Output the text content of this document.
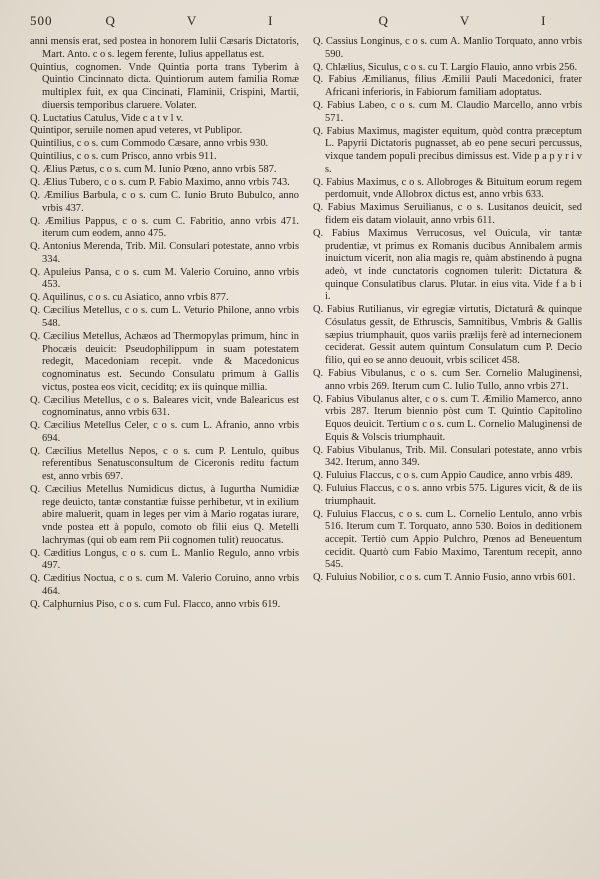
500	Q	V	I	Q	V	I

anni mensis erat, sed postea in honorem Iulii Cæsaris Dictatoris, Mart. Anto. c o s. legem ferente, Iulius appellatus est.

Quintius, cognomen. Vnde Quintia porta trans Tyberim à Quintio Cincinnato dicta. Quintiorum autem familia Romæ multiplex fuit, ex qua Cincinati, Flaminii, Crispini, Martii, diuersis temporibus claruere. Volater.

Q. Luctatius Catulus, Vide c a t v l v.

Quintipor, seruile nomen apud veteres, vt Publipor.

Quintilius, c o s. cum Commodo Cæsare, anno vrbis 930.

Quintilius, c o s. cum Prisco, anno vrbis 911.

Q. Ælius Pætus, c o s. cum M. Iunio Pœno, anno vrbis 587.

Q. Ælius Tubero, c o s. cum P. Fabio Maximo, anno vrbis 743.

Q. Æmilius Barbula, c o s. cum C. Iunio Bruto Bubulco, anno vrbis 437.

Q. Æmilius Pappus, c o s. cum C. Fabritio, anno vrbis 471. iterum cum eodem, anno 475.

Q. Antonius Merenda, Trib. Mil. Consulari potestate, anno vrbis 334.

Q. Apuleius Pansa, c o s. cum M. Valerio Coruino, anno vrbis 453.

Q. Aquilinus, c o s. cu Asiatico, anno vrbis 877.

Q. Cæcilius Metellus, c o s. cum L. Veturio Philone, anno vrbis 548.

Q. Cæcilius Metellus, Achæos ad Thermopylas primum, hinc in Phocæis deuicit: Pseudophilippum in suam potestatem redegit, Macedoniam recepit. vnde & Macedonicus cognominatus est. Secundo Consulatu primum à Gallis victus, postea eos vicit, ceciditq; ex iis quinque millia.

Q. Cæcilius Metellus, c o s. Baleares vicit, vnde Balearicus est cognominatus, anno vrbis 631.

Q. Cæcilius Metellus Celer, c o s. cum L. Afranio, anno vrbis 694.

Q. Cæcilius Metellus Nepos, c o s. cum P. Lentulo, quibus referentibus Senatusconsultum de Ciceronis reditu factum est, anno vrbis 697.

Q. Cæcilius Metellus Numidicus dictus, à Iugurtha Numidiæ rege deuicto, tantæ constantiæ fuisse perhibetur, vt in exilium abire maluerit, quam in leges per vim à Mario rogatas iurare, vnde postea ett à populo, comoto ob filii eius Q. Metelli lachrymas (qui ob eam rem Pii cognomen tulit) reuocatus.

Q. Cæditius Longus, c o s. cum L. Manlio Regulo, anno vrbis 497.

Q. Cæditius Noctua, c o s. cum M. Valerio Coruino, anno vrbis 464.

Q. Calphurnius Piso, c o s. cum Ful. Flacco, anno vrbis 619.

Q. Cassius Longinus, c o s. cum A. Manlio Torquato, anno vrbis 590.

Q. Chlælius, Siculus, c o s. cu T. Largio Flauio, anno vrbis 256.

Q. Fabius Æmilianus, filius Æmilii Pauli Macedonici, frater Africani inferioris, in Fabiorum familiam adoptatus.

Q. Fabius Labeo, c o s. cum M. Claudio Marcello, anno vrbis 571.

Q. Fabius Maximus, magister equitum, quòd contra præceptum L. Papyrii Dictatoris pugnasset, ab eo pene securi percussus, vixque tandem populi precibus dimissus est. Vide p a p y r i v s.

Q. Fabius Maximus, c o s. Allobroges & Bituitum eorum regem perdomuit, vnde Allobrox dictus est, anno vrbis 633.

Q. Fabius Maximus Seruilianus, c o s. Lusitanos deuicit, sed fidem eis datam violauit, anno vrbis 611.

Q. Fabius Maximus Verrucosus, vel Ouicula, vir tantæ prudentiæ, vt primus ex Romanis ducibus Annibalem armis inuictum vicerit, non alia magis re, quàm abstinendo à pugna adeò, vt inde cunctatoris cognomen tulerit: Dictatura & quinque Consulatibus clarus. Plutar. in eius vita. Vide f a b i i.

Q. Fabius Rutilianus, vir egregiæ virtutis, Dictaturâ & quinque Cósulatus gessit, de Ethruscis, Samnitibus, Vmbris & Gallis sæpius triumphauit, quos variis prælijs ferè ad internecionem ceciderat. Gessit autem quintum Consulatum cum P. Decio filio, qui eo se anno deuouit, vrbis scilicet 458.

Q. Fabius Vibulanus, c o s. cum Ser. Cornelio Maluginensi, anno vrbis 269. Iterum cum C. Iulio Tullo, anno vrbis 271.

Q. Fabius Vibulanus alter, c o s. cum T. Æmilio Mamerco, anno vrbis 287. Iterum biennio pòst cum T. Quintio Capitolino Equos deuicit. Tertium c o s. cum L. Cornelio Maluginensi de Equis & Volscis triumphauit.

Q. Fabius Vibulanus, Trib. Mil. Consulari potestate, anno vrbis 342. Iterum, anno 349.

Q. Fuluius Flaccus, c o s. cum Appio Caudice, anno vrbis 489.

Q. Fuluius Flaccus, c o s. anno vrbis 575. Ligures vicit, & de iis triumphauit.

Q. Fuluius Flaccus, c o s. cum L. Cornelio Lentulo, anno vrbis 516. Iterum cum T. Torquato, anno 530. Boios in deditionem accepit. Tertiò cum Appio Pulchro, Pœnos ad Beneuentum cecidit. Quartò cum Fabio Maximo, Tarentum recepit, anno 545.

Q. Fuluius Nobilior, c o s. cum T. Annio Fusio, anno vrbis 601.
